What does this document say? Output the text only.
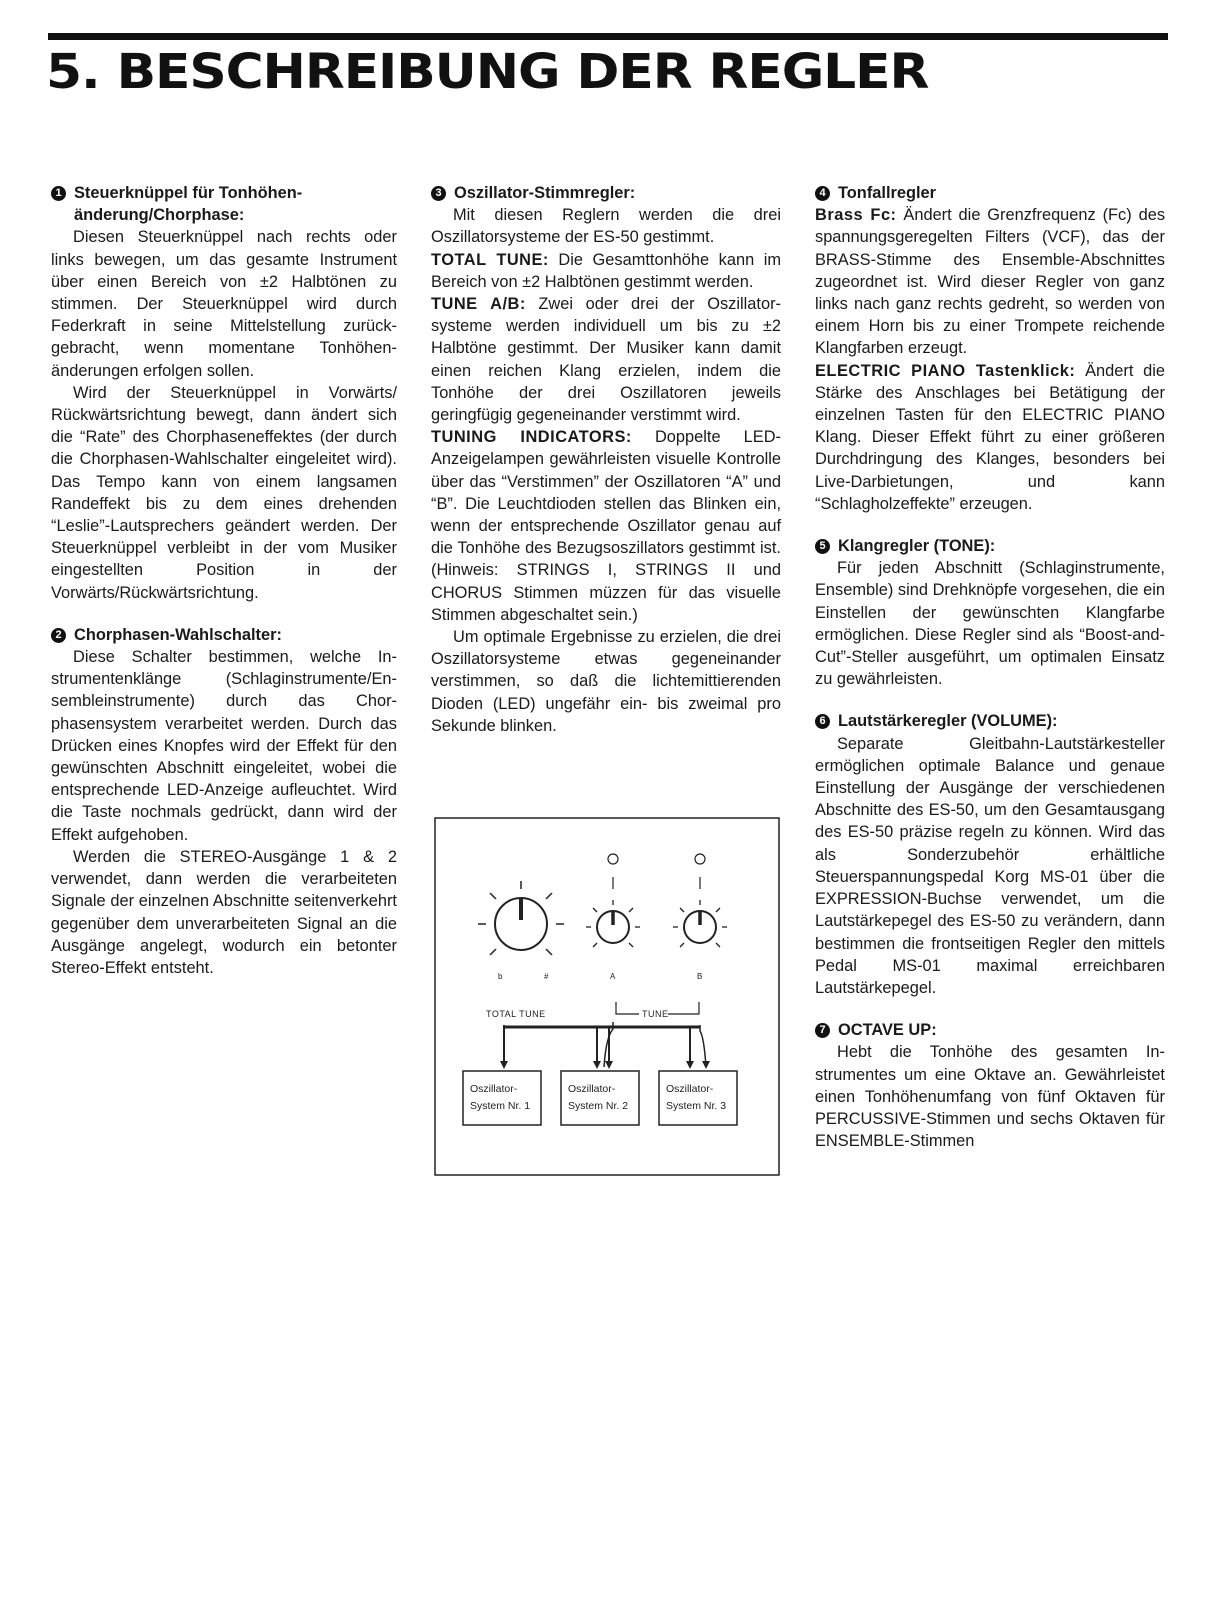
5. BESCHREIBUNG DER REGLER
1 Steuerknüppel für Tonhöhenänderung/Chorphase:

Diesen Steuerknüppel nach rechts oder links bewegen, um das gesamte Instrument über einen Bereich von ±2 Halbtönen zu stimmen. Der Steuerknüppel wird durch Federkraft in seine Mittelstellung zurückgebracht, wenn momentane Tonhöhenänderungen erfolgen sollen.

Wird der Steuerknüppel in Vorwärts/ Rückwärtsrichtung bewegt, dann ändert sich die “Rate” des Chorphaseneffektes (der durch die Chorphasen-Wahlschalter eingeleitet wird). Das Tempo kann von einem langsamen Randeffekt bis zu dem eines drehenden “Leslie”-Lautsprechers geändert werden. Der Steuerknüppel verbleibt in der vom Musiker eingestellten Position in der Vorwärts/Rückwärtsrichtung.

2 Chorphasen-Wahlschalter:

Diese Schalter bestimmen, welche Instrumentenklänge (Schlaginstrumente/Ensembleinstrumente) durch das Chorphasensystem verarbeitet werden. Durch das Drücken eines Knopfes wird der Effekt für den gewünschten Abschnitt eingeleitet, wobei die entsprechende LED-Anzeige aufleuchtet. Wird die Taste nochmals gedrückt, dann wird der Effekt aufgehoben.

Werden die STEREO-Ausgänge 1 & 2 verwendet, dann werden die verarbeiteten Signale der einzelnen Abschnitte seitenverkehrt gegenüber dem unverarbeiteten Signal an die Ausgänge angelegt, wodurch ein betonter Stereo-Effekt entsteht.

3 Oszillator-Stimmregler:

Mit diesen Reglern werden die drei Oszillatorsysteme der ES-50 gestimmt.

TOTAL TUNE: Die Gesamttonhöhe kann im Bereich von ±2 Halbtönen gestimmt werden.

TUNE A/B: Zwei oder drei der Oszillatorsysteme werden individuell um bis zu ±2 Halbtöne gestimmt. Der Musiker kann damit einen reichen Klang erzielen, indem die Tonhöhe der drei Oszillatoren jeweils geringfügig gegeneinander verstimmt wird.

TUNING INDICATORS: Doppelte LED-Anzeigelampen gewährleisten visuelle Kontrolle über das “Verstimmen” der Oszillatoren “A” und “B”. Die Leuchtdioden stellen das Blinken ein, wenn der entsprechende Oszillator genau auf die Tonhöhe des Bezugsoszillators gestimmt ist. (Hinweis: STRINGS I, STRINGS II und CHORUS Stimmen müzzen für das visuelle Stimmen abgeschaltet sein.)

Um optimale Ergebnisse zu erzielen, die drei Oszillatorsysteme etwas gegeneinander verstimmen, so daß die lichtemittierenden Dioden (LED) ungefähr ein- bis zweimal pro Sekunde blinken.

b	#	A	B
TOTAL TUNE	TUNE
Oszillator-
System Nr. 1
Oszillator-
System Nr. 2
Oszillator-
System Nr. 3
4 Tonfallregler

Brass Fc: Ändert die Grenzfrequenz (Fc) des spannungsgeregelten Filters (VCF), das der BRASS-Stimme des Ensemble-Abschnittes zugeordnet ist. Wird dieser Regler von ganz links nach ganz rechts gedreht, so werden von einem Horn bis zu einer Trompete reichende Klangfarben erzeugt.

ELECTRIC PIANO Tastenklick: Ändert die Stärke des Anschlages bei Betätigung der einzelnen Tasten für den ELECTRIC PIANO Klang. Dieser Effekt führt zu einer größeren Durchdringung des Klanges, besonders bei Live-Darbietungen, und kann “Schlagholzeffekte” erzeugen.

5 Klangregler (TONE):

Für jeden Abschnitt (Schlaginstrumente, Ensemble) sind Drehknöpfe vorgesehen, die ein Einstellen der gewünschten Klangfarbe ermöglichen. Diese Regler sind als “Boost-and-Cut”-Steller ausgeführt, um optimalen Einsatz zu gewährleisten.

6 Lautstärkeregler (VOLUME):

Separate Gleitbahn-Lautstärkesteller ermöglichen optimale Balance und genaue Einstellung der Ausgänge der verschiedenen Abschnitte des ES-50, um den Gesamtausgang des ES-50 präzise regeln zu können. Wird das als Sonderzubehör erhältliche Steuerspannungspedal Korg MS-01 über die EXPRESSION-Buchse verwendet, um die Lautstärkepegel des ES-50 zu verändern, dann bestimmen die frontseitigen Regler den mittels Pedal MS-01 maximal erreichbaren Lautstärkepegel.

7 OCTAVE UP:

Hebt die Tonhöhe des gesamten Instrumentes um eine Oktave an. Gewährleistet einen Tonhöhenumfang von fünf Oktaven für PERCUSSIVE-Stimmen und sechs Oktaven für ENSEMBLE-Stimmen
